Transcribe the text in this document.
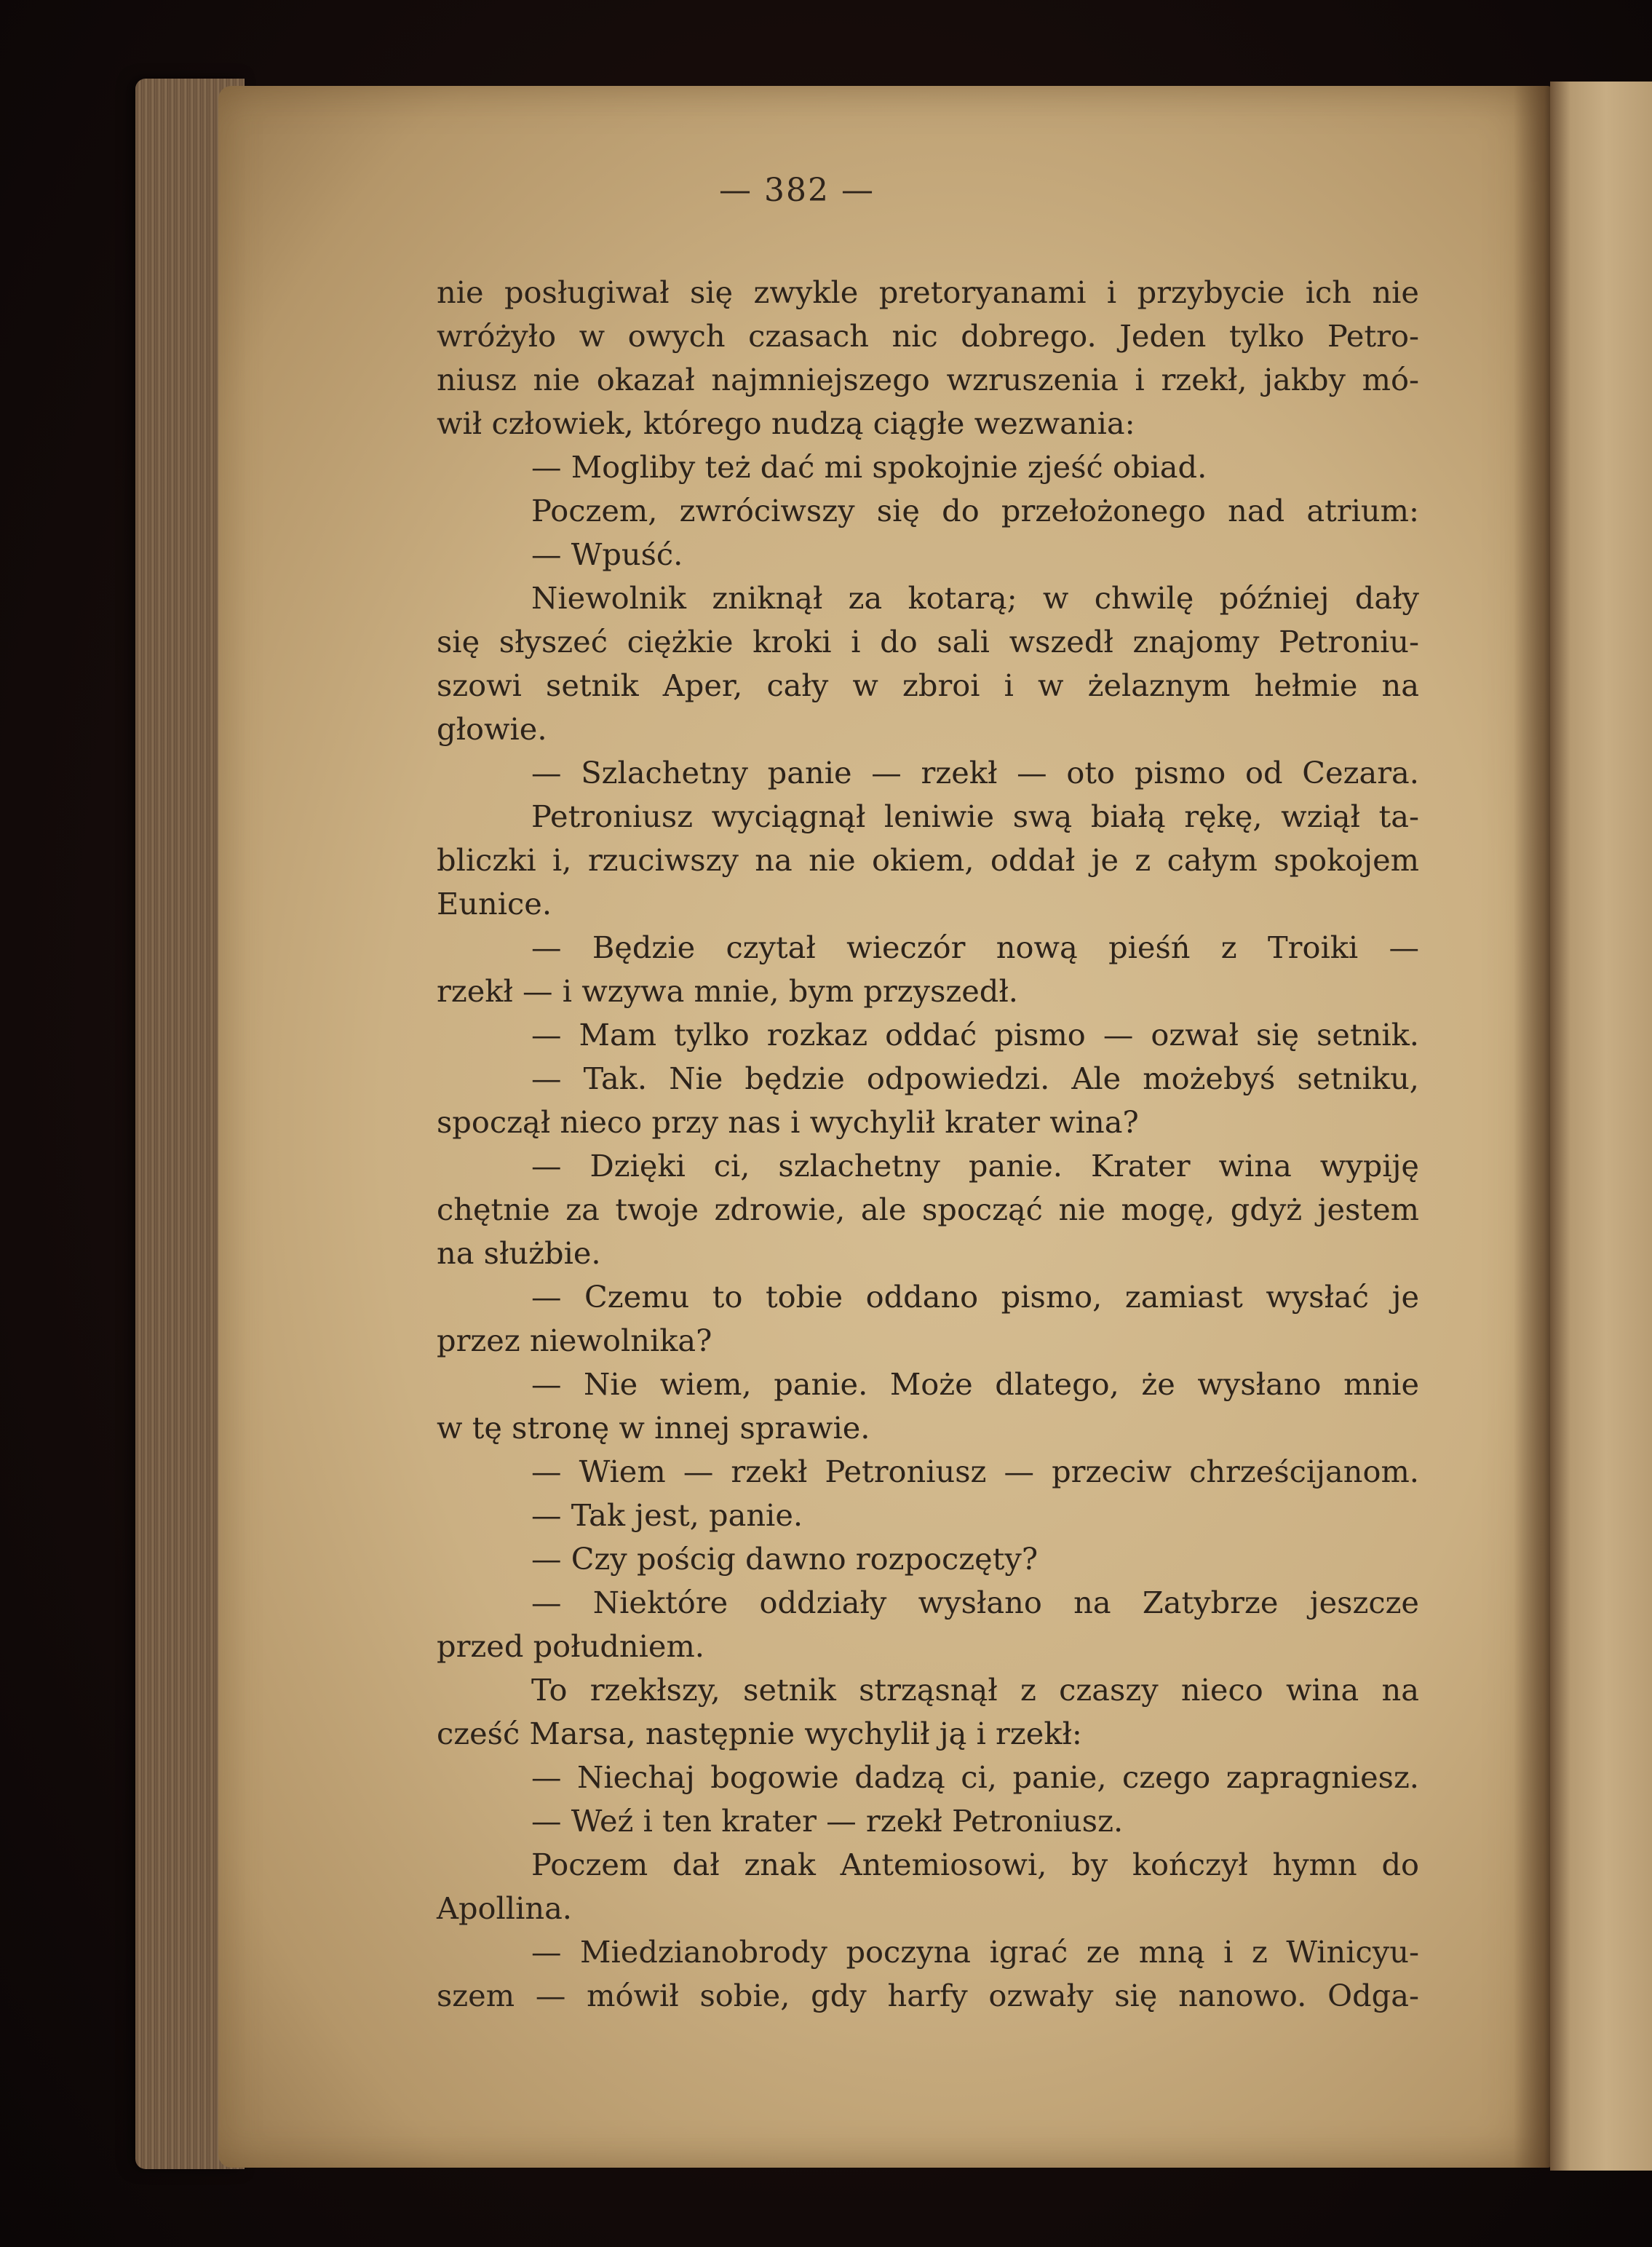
— 382 —
nie posługiwał się zwykle pretoryanami i przybycie ich nie
wróżyło w owych czasach nic dobrego. Jeden tylko Petro-
niusz nie okazał najmniejszego wzruszenia i rzekł, jakby mó-
wił człowiek, którego nudzą ciągłe wezwania:
— Mogliby też dać mi spokojnie zjeść obiad.
Poczem, zwróciwszy się do przełożonego nad atrium:
— Wpuść.
Niewolnik zniknął za kotarą; w chwilę później dały
się słyszeć ciężkie kroki i do sali wszedł znajomy Petroniu-
szowi setnik Aper, cały w zbroi i w żelaznym hełmie na
głowie.
— Szlachetny panie — rzekł — oto pismo od Cezara.
Petroniusz wyciągnął leniwie swą białą rękę, wziął ta-
bliczki i, rzuciwszy na nie okiem, oddał je z całym spokojem
Eunice.
— Będzie czytał wieczór nową pieśń z Troiki —
rzekł — i wzywa mnie, bym przyszedł.
— Mam tylko rozkaz oddać pismo — ozwał się setnik.
— Tak. Nie będzie odpowiedzi. Ale możebyś setniku,
spoczął nieco przy nas i wychylił krater wina?
— Dzięki ci, szlachetny panie. Krater wina wypiję
chętnie za twoje zdrowie, ale spocząć nie mogę, gdyż jestem
na służbie.
— Czemu to tobie oddano pismo, zamiast wysłać je
przez niewolnika?
— Nie wiem, panie. Może dlatego, że wysłano mnie
w tę stronę w innej sprawie.
— Wiem — rzekł Petroniusz — przeciw chrześcijanom.
— Tak jest, panie.
— Czy pościg dawno rozpoczęty?
— Niektóre oddziały wysłano na Zatybrze jeszcze
przed południem.
To rzekłszy, setnik strząsnął z czaszy nieco wina na
cześć Marsa, następnie wychylił ją i rzekł:
— Niechaj bogowie dadzą ci, panie, czego zapragniesz.
— Weź i ten krater — rzekł Petroniusz.
Poczem dał znak Antemiosowi, by kończył hymn do
Apollina.
— Miedzianobrody poczyna igrać ze mną i z Winicyu-
szem — mówił sobie, gdy harfy ozwały się nanowo. Odga-
